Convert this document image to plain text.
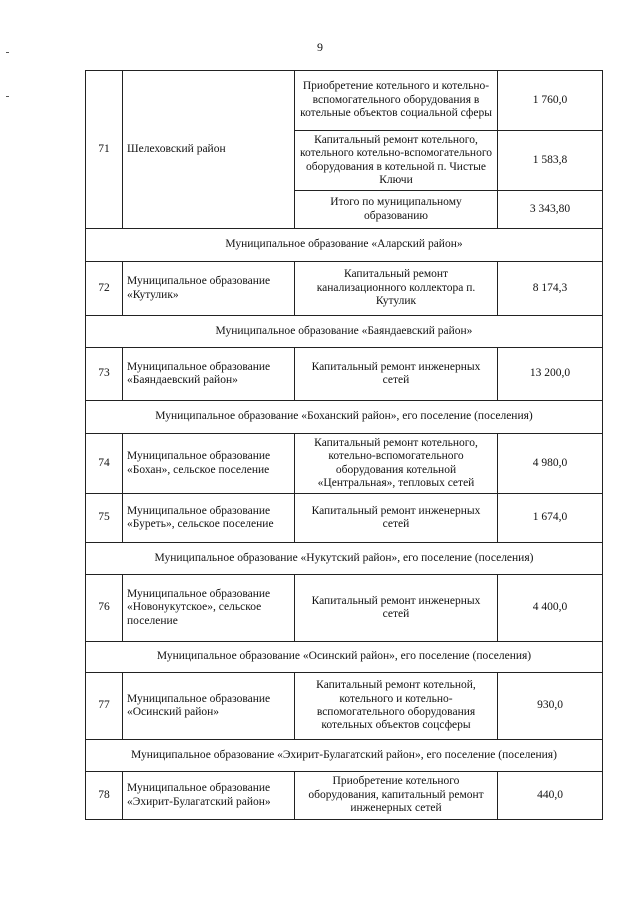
9
71	Шелеховский район	Приобретение котельного и котельно-вспомогательного оборудования в котельные объектов социальной сферы	1 760,0
		Капитальный ремонт котельного, котельного котельно-вспомогательного оборудования в котельной п. Чистые Ключи	1 583,8
		Итого по муниципальному образованию	3 343,80
Муниципальное образование «Аларский район»			
72	Муниципальное образование «Кутулик»	Капитальный ремонт канализационного коллектора п. Кутулик	8 174,3
Муниципальное образование «Баяндаевский район»			
73	Муниципальное образование «Баяндаевский район»	Капитальный ремонт инженерных сетей	13 200,0
Муниципальное образование «Боханский район», его поселение (поселения)			
74	Муниципальное образование «Бохан», сельское поселение	Капитальный ремонт котельного, котельно-вспомогательного оборудования котельной «Центральная», тепловых сетей	4 980,0
75	Муниципальное образование «Буреть», сельское поселение	Капитальный ремонт инженерных сетей	1 674,0
Муниципальное образование «Нукутский район», его поселение (поселения)			
76	Муниципальное образование «Новонукутское», сельское поселение	Капитальный ремонт инженерных сетей	4 400,0
Муниципальное образование «Осинский район», его поселение (поселения)			
77	Муниципальное образование «Осинский район»	Капитальный ремонт котельной, котельного и котельно-вспомогательного оборудования котельных объектов соцсферы	930,0
Муниципальное образование «Эхирит-Булагатский район», его поселение (поселения)			
78	Муниципальное образование «Эхирит-Булагатский район»	Приобретение котельного оборудования, капитальный ремонт инженерных сетей	440,0
